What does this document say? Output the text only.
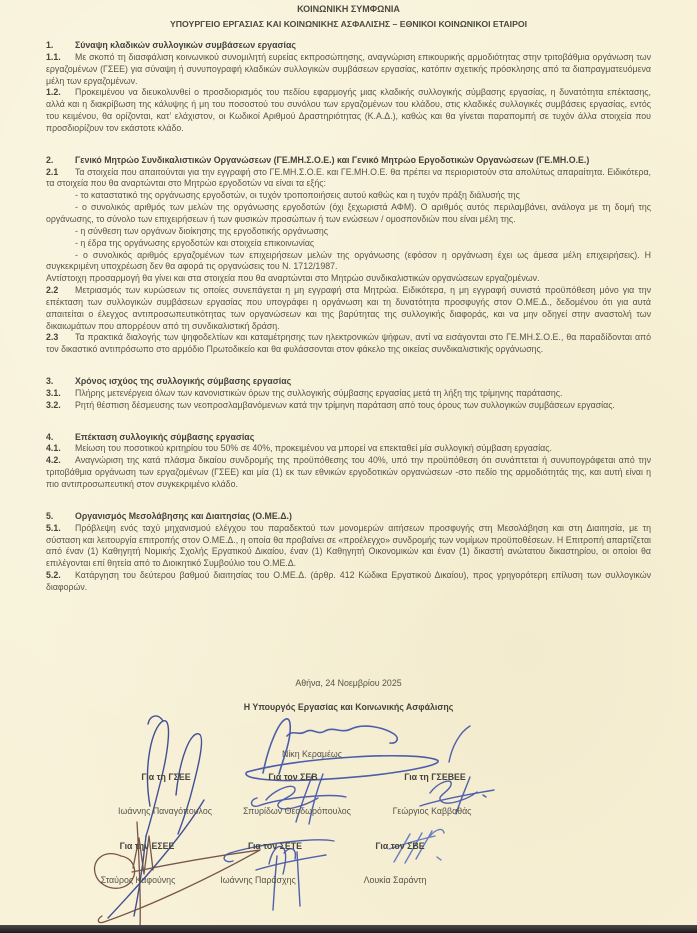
ΚΟΙΝΩΝΙΚΗ ΣΥΜΦΩΝΙΑ
ΥΠΟΥΡΓΕΙΟ ΕΡΓΑΣΙΑΣ ΚΑΙ ΚΟΙΝΩΝΙΚΗΣ ΑΣΦΑΛΙΣΗΣ – ΕΘΝΙΚΟΙ ΚΟΙΝΩΝΙΚΟΙ ΕΤΑΙΡΟΙ

1. Σύναψη κλαδικών συλλογικών συμβάσεων εργασίας

1.1. Με σκοπό τη διασφάλιση κοινωνικού συνομιλητή ευρείας εκπροσώπησης, αναγνώριση επικουρικής αρμοδιότητας στην τριτοβάθμια οργάνωση των εργαζομένων (ΓΣΕΕ) για σύναψη ή συνυπογραφή κλαδικών συλλογικών συμβάσεων εργασίας, κατόπιν σχετικής πρόσκλησης από τα διαπραγματευόμενα μέλη των εργαζομένων.

1.2. Προκειμένου να διευκολυνθεί ο προσδιορισμός του πεδίου εφαρμογής μιας κλαδικής συλλογικής σύμβασης εργασίας, η δυνατότητα επέκτασης, αλλά και η διακρίβωση της κάλυψης ή μη του ποσοστού του συνόλου των εργαζομένων του κλάδου, στις κλαδικές συλλογικές συμβάσεις εργασίας, εντός του κειμένου, θα ορίζονται, κατ’ ελάχιστον, οι Κωδικοί Αριθμού Δραστηριότητας (Κ.Α.Δ.), καθώς και θα γίνεται παραπομπή σε τυχόν άλλα στοιχεία που προσδιορίζουν τον εκάστοτε κλάδο.

2. Γενικό Μητρώο Συνδικαλιστικών Οργανώσεων (ΓΕ.ΜΗ.Σ.Ο.Ε.) και Γενικό Μητρώο Εργοδοτικών Οργανώσεων (ΓΕ.ΜΗ.Ο.Ε.)

2.1 Τα στοιχεία που απαιτούνται για την εγγραφή στο ΓΕ.ΜΗ.Σ.Ο.Ε. και ΓΕ.ΜΗ.Ο.Ε. θα πρέπει να περιοριστούν στα απολύτως απαραίτητα. Ειδικότερα, τα στοιχεία που θα αναρτώνται στο Μητρώο εργοδοτών να είναι τα εξής:

- το καταστατικό της οργάνωσης εργοδοτών, οι τυχόν τροποποιήσεις αυτού καθώς και η τυχόν πράξη διάλυσής της

- ο συνολικός αριθμός των μελών της οργάνωσης εργοδοτών (όχι ξεχωριστά ΑΦΜ). Ο αριθμός αυτός περιλαμβάνει, ανάλογα με τη δομή της οργάνωσης, το σύνολο των επιχειρήσεων ή των φυσικών προσώπων ή των ενώσεων / ομοσπονδιών που είναι μέλη της.

- η σύνθεση των οργάνων διοίκησης της εργοδοτικής οργάνωσης

- η έδρα της οργάνωσης εργοδοτών και στοιχεία επικοινωνίας

- ο συνολικός αριθμός εργαζομένων των επιχειρήσεων μελών της οργάνωσης (εφόσον η οργάνωση έχει ως άμεσα μέλη επιχειρήσεις). Η συγκεκριμένη υποχρέωση δεν θα αφορά τις οργανώσεις του Ν. 1712/1987.

Αντίστοιχη προσαρμογή θα γίνει και στα στοιχεία που θα αναρτώνται στο Μητρώο συνδικαλιστικών οργανώσεων εργαζομένων.

2.2 Μετριασμός των κυρώσεων τις οποίες συνεπάγεται η μη εγγραφή στα Μητρώα. Ειδικότερα, η μη εγγραφή συνιστά προϋπόθεση μόνο για την επέκταση των συλλογικών συμβάσεων εργασίας που υπογράφει η οργάνωση και τη δυνατότητα προσφυγής στον Ο.ΜΕ.Δ., δεδομένου ότι για αυτά απαιτείται ο έλεγχος αντιπροσωπευτικότητας των οργανώσεων και της βαρύτητας της συλλογικής διαφοράς, και να μην οδηγεί στην αναστολή των δικαιωμάτων που απορρέουν από τη συνδικαλιστική δράση.

2.3 Τα πρακτικά διαλογής των ψηφοδελτίων και καταμέτρησης των ηλεκτρονικών ψήφων, αντί να εισάγονται στο ΓΕ.ΜΗ.Σ.Ο.Ε., θα παραδίδονται από τον δικαστικό αντιπρόσωπο στο αρμόδιο Πρωτοδικείο και θα φυλάσσονται στον φάκελο της οικείας συνδικαλιστικής οργάνωσης.

3. Χρόνος ισχύος της συλλογικής σύμβασης εργασίας

3.1. Πλήρης μετενέργεια όλων των κανονιστικών όρων της συλλογικής σύμβασης εργασίας μετά τη λήξη της τρίμηνης παράτασης.

3.2. Ρητή θέσπιση δέσμευσης των νεοπροσλαμβανόμενων κατά την τρίμηνη παράταση από τους όρους των συλλογικών συμβάσεων εργασίας.

4. Επέκταση συλλογικής σύμβασης εργασίας

4.1. Μείωση του ποσοτικού κριτηρίου του 50% σε 40%, προκειμένου να μπορεί να επεκταθεί μία συλλογική σύμβαση εργασίας.

4.2. Αναγνώριση της κατά πλάσμα δικαίου συνδρομής της προϋπόθεσης του 40%, υπό την προϋπόθεση ότι συνάπτεται ή συνυπογράφεται από την τριτοβάθμια οργάνωση των εργαζομένων (ΓΣΕΕ) και μία (1) εκ των εθνικών εργοδοτικών οργανώσεων -στο πεδίο της αρμοδιότητάς της, και αυτή είναι η πιο αντιπροσωπευτική στον συγκεκριμένο κλάδο.

5. Οργανισμός Μεσολάβησης και Διαιτησίας (Ο.ΜΕ.Δ.)

5.1. Πρόβλεψη ενός ταχύ μηχανισμού ελέγχου του παραδεκτού των μονομερών αιτήσεων προσφυγής στη Μεσολάβηση και στη Διαιτησία, με τη σύσταση και λειτουργία επιτροπής στον Ο.ΜΕ.Δ., η οποία θα προβαίνει σε «προέλεγχο» συνδρομής των νομίμων προϋποθέσεων. Η Επιτροπή απαρτίζεται από έναν (1) Καθηγητή Νομικής Σχολής Εργατικού Δικαίου, έναν (1) Καθηγητή Οικονομικών και έναν (1) δικαστή ανώτατου δικαστηρίου, οι οποίοι θα επιλέγονται επί θητεία από το Διοικητικό Συμβούλιο του Ο.ΜΕ.Δ.

5.2. Κατάργηση του δεύτερου βαθμού διαιτησίας του Ο.ΜΕ.Δ. (άρθρ. 412 Κώδικα Εργατικού Δικαίου), προς γρηγορότερη επίλυση των συλλογικών διαφορών.

Αθήνα, 24 Νοεμβρίου 2025
Η Υπουργός Εργασίας και Κοινωνικής Ασφάλισης
Νίκη Κεραμέως
Για τη ΓΣΕΕ	Για τον ΣΕΒ	Για τη ΓΣΕΒΕΕ
Ιωάννης Παναγόπουλος	Σπυρίδων Θεοδωρόπουλος	Γεώργιος Καββαθάς
Για την ΕΣΕΕ	Για τον ΣΕΤΕ	Για τον ΣΒΕ
Σταύρος Καφούνης	Ιωάννης Παράσχης	Λουκία Σαράντη
